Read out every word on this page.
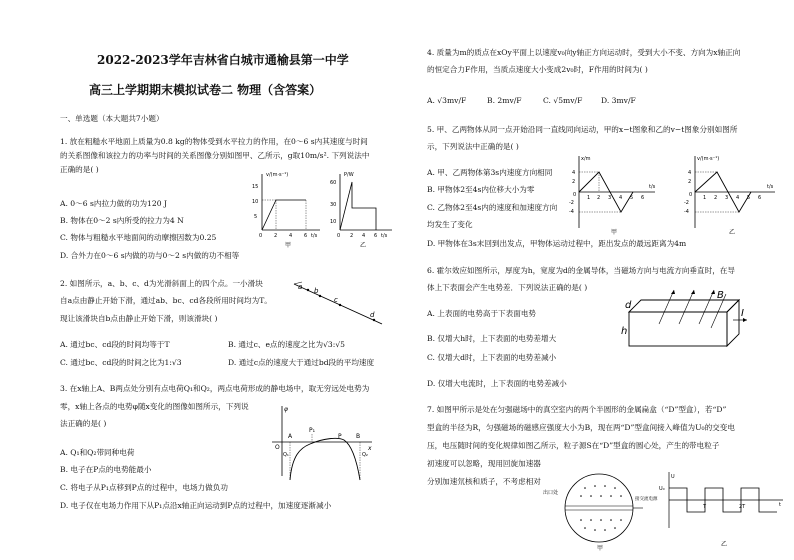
2022-2023学年吉林省白城市通榆县第一中学
高三上学期期末模拟试卷二 物理（含答案）
一、单选题（本大题共7小题）
1. 放在粗糙水平地面上质量为0.8 kg的物体受到水平拉力的作用，在0～6 s内其速度与时间
的关系图像和该拉力的功率与时间的关系图像分别如图甲、乙所示，g取10m/s². 下列说法中
正确的是( )
A. 0～6 s内拉力做的功为120 J
B. 物体在0～2 s内所受的拉力为4 N
C. 物体与粗糙水平地面间的动摩擦因数为0.25
D. 合外力在0～6 s内做的功与0～2 s内做的功不相等
v/(m·s⁻¹)
15
10
5
0 2 4 6 t/s
甲
P/W
60
30
10
0 2 4 6 t/s
乙
2. 如图所示，a、b、c、d为光滑斜面上的四个点。一小滑块
自a点由静止开始下滑，通过ab、bc、cd各段所用时间均为T。
现让该滑块自b点由静止开始下滑，则该滑块( )
A. 通过bc、cd段的时间均等于T	B. 通过c、e点的速度之比为√3:√5
C. 通过bc、cd段的时间之比为1:√3	D. 通过c点的速度大于通过bd段的平均速度
a b
c
d
3. 在x轴上A、B两点处分别有点电荷Q₁和Q₂，两点电荷形成的静电场中，取无穷远处电势为
零，x轴上各点的电势φ随x变化的图像如图所示，下列说
法正确的是( )
A. Q₁和Q₂带同种电荷
B. 电子在P点的电势能最小
C. 将电子从P₁点移到P点的过程中，电场力做负功
D. 电子仅在电场力作用下从P₁点沿x轴正向运动到P点的过程中，加速度逐渐减小
φ
x
O
A
P₁
P B
Q₁	Q₂
4. 质量为m的质点在xOy平面上以速度v₀向y轴正方向运动时，受到大小不变、方向为x轴正向
的恒定合力F作用，当质点速度大小变成2v₀时，F作用的时间为( )
A. √3mv/F	B. 2mv/F	C. √5mv/F D. 3mv/F
5. 甲、乙两物体从同一点开始沿同一直线同向运动，甲的x−t图象和乙的v−t图象分别如图所
示，下列说法中正确的是( )
A. 甲、乙两物体第3s内速度方向相同
B. 甲物体2至4s内位移大小为零
C. 乙物体2至4s内的速度和加速度方向
均发生了变化
D. 甲物体在3s末回到出发点，甲物体运动过程中，距出发点的最远距离为4m
x/m
4
2
0
-2
-4
1 2 3 4 5 6
t/s
甲
v/(m·s⁻¹)
4
2
0
-2
-4
1 2 3 4 5 6
t/s
乙
6. 霍尔效应如图所示，厚度为h，宽度为d的金属导体，当磁场方向与电流方向垂直时，在导
体上下表面会产生电势差．下列说法正确的是( )
A. 上表面的电势高于下表面电势
B. 仅增大h时，上下表面的电势差增大
C. 仅增大d时，上下表面的电势差减小
D. 仅增大电流时，上下表面的电势差减小
d
B
I
h
7. 如图甲所示是处在匀强磁场中的真空室内的两个半圆形的金属扁盒（“D”型盒），若“D”
型盒的半径为R，匀强磁场的磁感应强度大小为B，现在两“D”型盒间接入峰值为U₀的交变电
压，电压随时间的变化规律如图乙所示，粒子源S在“D”型盒的圆心处，产生的带电粒子
初速度可以忽略，现用回旋加速器
分别加速氘核和质子，不考虑相对
出口处
接交流电源
甲
U
U₀
t
T	2T
乙
